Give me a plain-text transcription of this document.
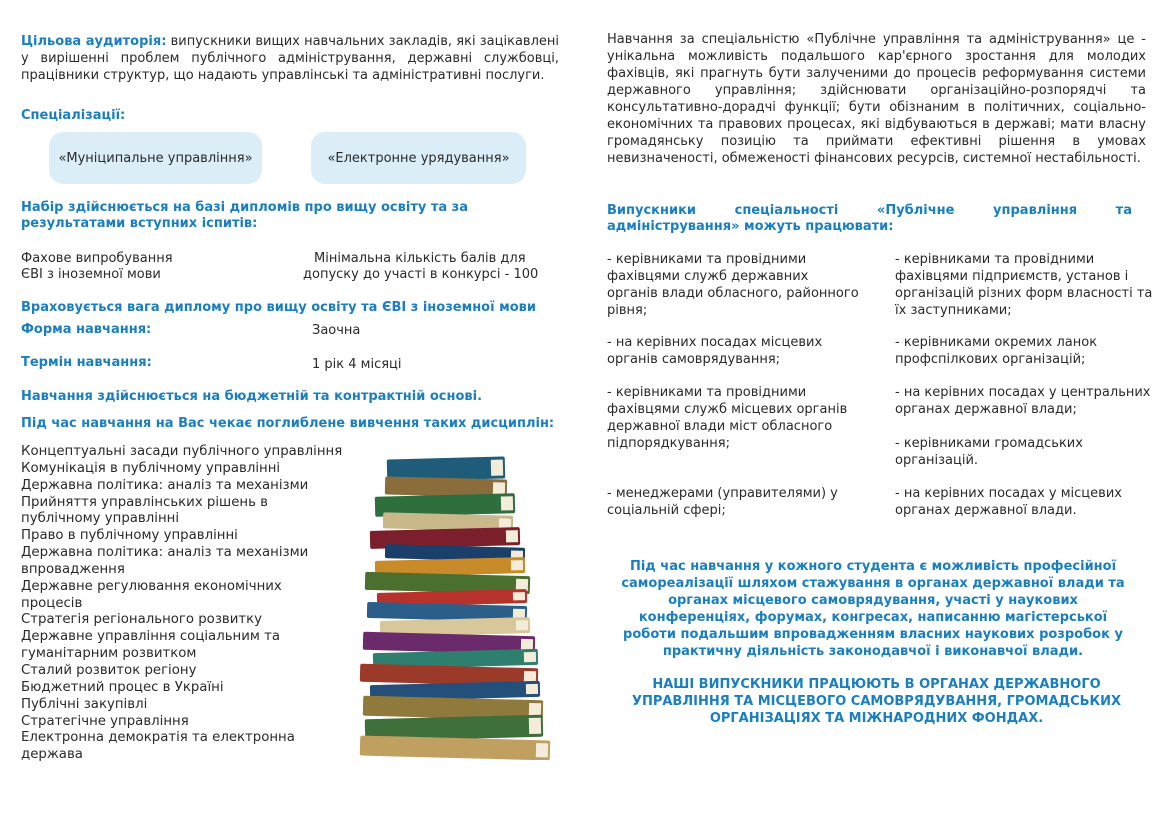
Цільова аудиторія: випускники вищих навчальних закладів, які зацікавлені у вирішенні проблем публічного адміністрування, державні службовці, працівники структур, що надають управлінські та адміністративні послуги.
Спеціалізації:
«Муніципальне управління»	«Електронне урядування»
Набір здійснюється на базі дипломів про вищу освіту та за результатами вступних іспитів:
Фахове випробування
ЄВІ з іноземної мови
Мінімальна кількість балів для
допуску до участі в конкурсі - 100
Враховується вага диплому про вищу освіту та ЄВІ з іноземної мови
Форма навчання:	Заочна
Термін навчання:	1 рік 4 місяці
Навчання здійснюється на бюджетній та контрактній основі.
Під час навчання на Вас чекає поглиблене вивчення таких дисциплін:
Концептуальні засади публічного управління
Комунікація в публічному управлінні
Державна політика: аналіз та механізми
Прийняття управлінських рішень в публічному управлінні
Право в публічному управлінні
Державна політика: аналіз та механізми впровадження
Державне регулювання економічних процесів
Стратегія регіонального розвитку
Державне управління соціальним та гуманітарним розвитком
Сталий розвиток регіону
Бюджетний процес в Україні
Публічні закупівлі
Стратегічне управління
Електронна демократія та електронна держава
Навчання за спеціальністю «Публічне управління та адміністрування» це - унікальна можливість подальшого кар'єрного зростання для молодих фахівців, які прагнуть бути залученими до процесів реформування системи державного управління; здійснювати організаційно-розпорядчі та консультативно-дорадчі функції; бути обізнаним в політичних, соціально-економічних та правових процесах, які відбуваються в державі; мати власну громадянську позицію та приймати ефективні рішення в умовах невизначеності, обмеженості фінансових ресурсів, системної нестабільності.
Випускники спеціальності «Публічне управління та адміністрування» можуть працювати:
- керівниками та провідними фахівцями служб державних органів влади обласного, районного рівня;
- на керівних посадах місцевих органів самоврядування;
- керівниками та провідними фахівцями служб місцевих органів державної влади міст обласного підпорядкування;
- менеджерами (управителями) у соціальній сфері;
- керівниками та провідними фахівцями підприємств, установ і організацій різних форм власності та їх заступниками;
- керівниками окремих ланок профспілкових організацій;
- на керівних посадах у центральних органах державної влади;
- керівниками громадських організацій.
- на керівних посадах у місцевих органах державної влади.
Під час навчання у кожного студента є можливість професійної самореалізації шляхом стажування в органах державної влади та органах місцевого самоврядування, участі у наукових конференціях, форумах, конгресах, написанню магістерської роботи подальшим впровадженням власних наукових розробок у практичну діяльність законодавчої і виконавчої влади.
НАШІ ВИПУСКНИКИ ПРАЦЮЮТЬ В ОРГАНАХ ДЕРЖАВНОГО УПРАВЛІННЯ ТА МІСЦЕВОГО САМОВРЯДУВАННЯ, ГРОМАДСЬКИХ ОРГАНІЗАЦІЯХ ТА МІЖНАРОДНИХ ФОНДАХ.
